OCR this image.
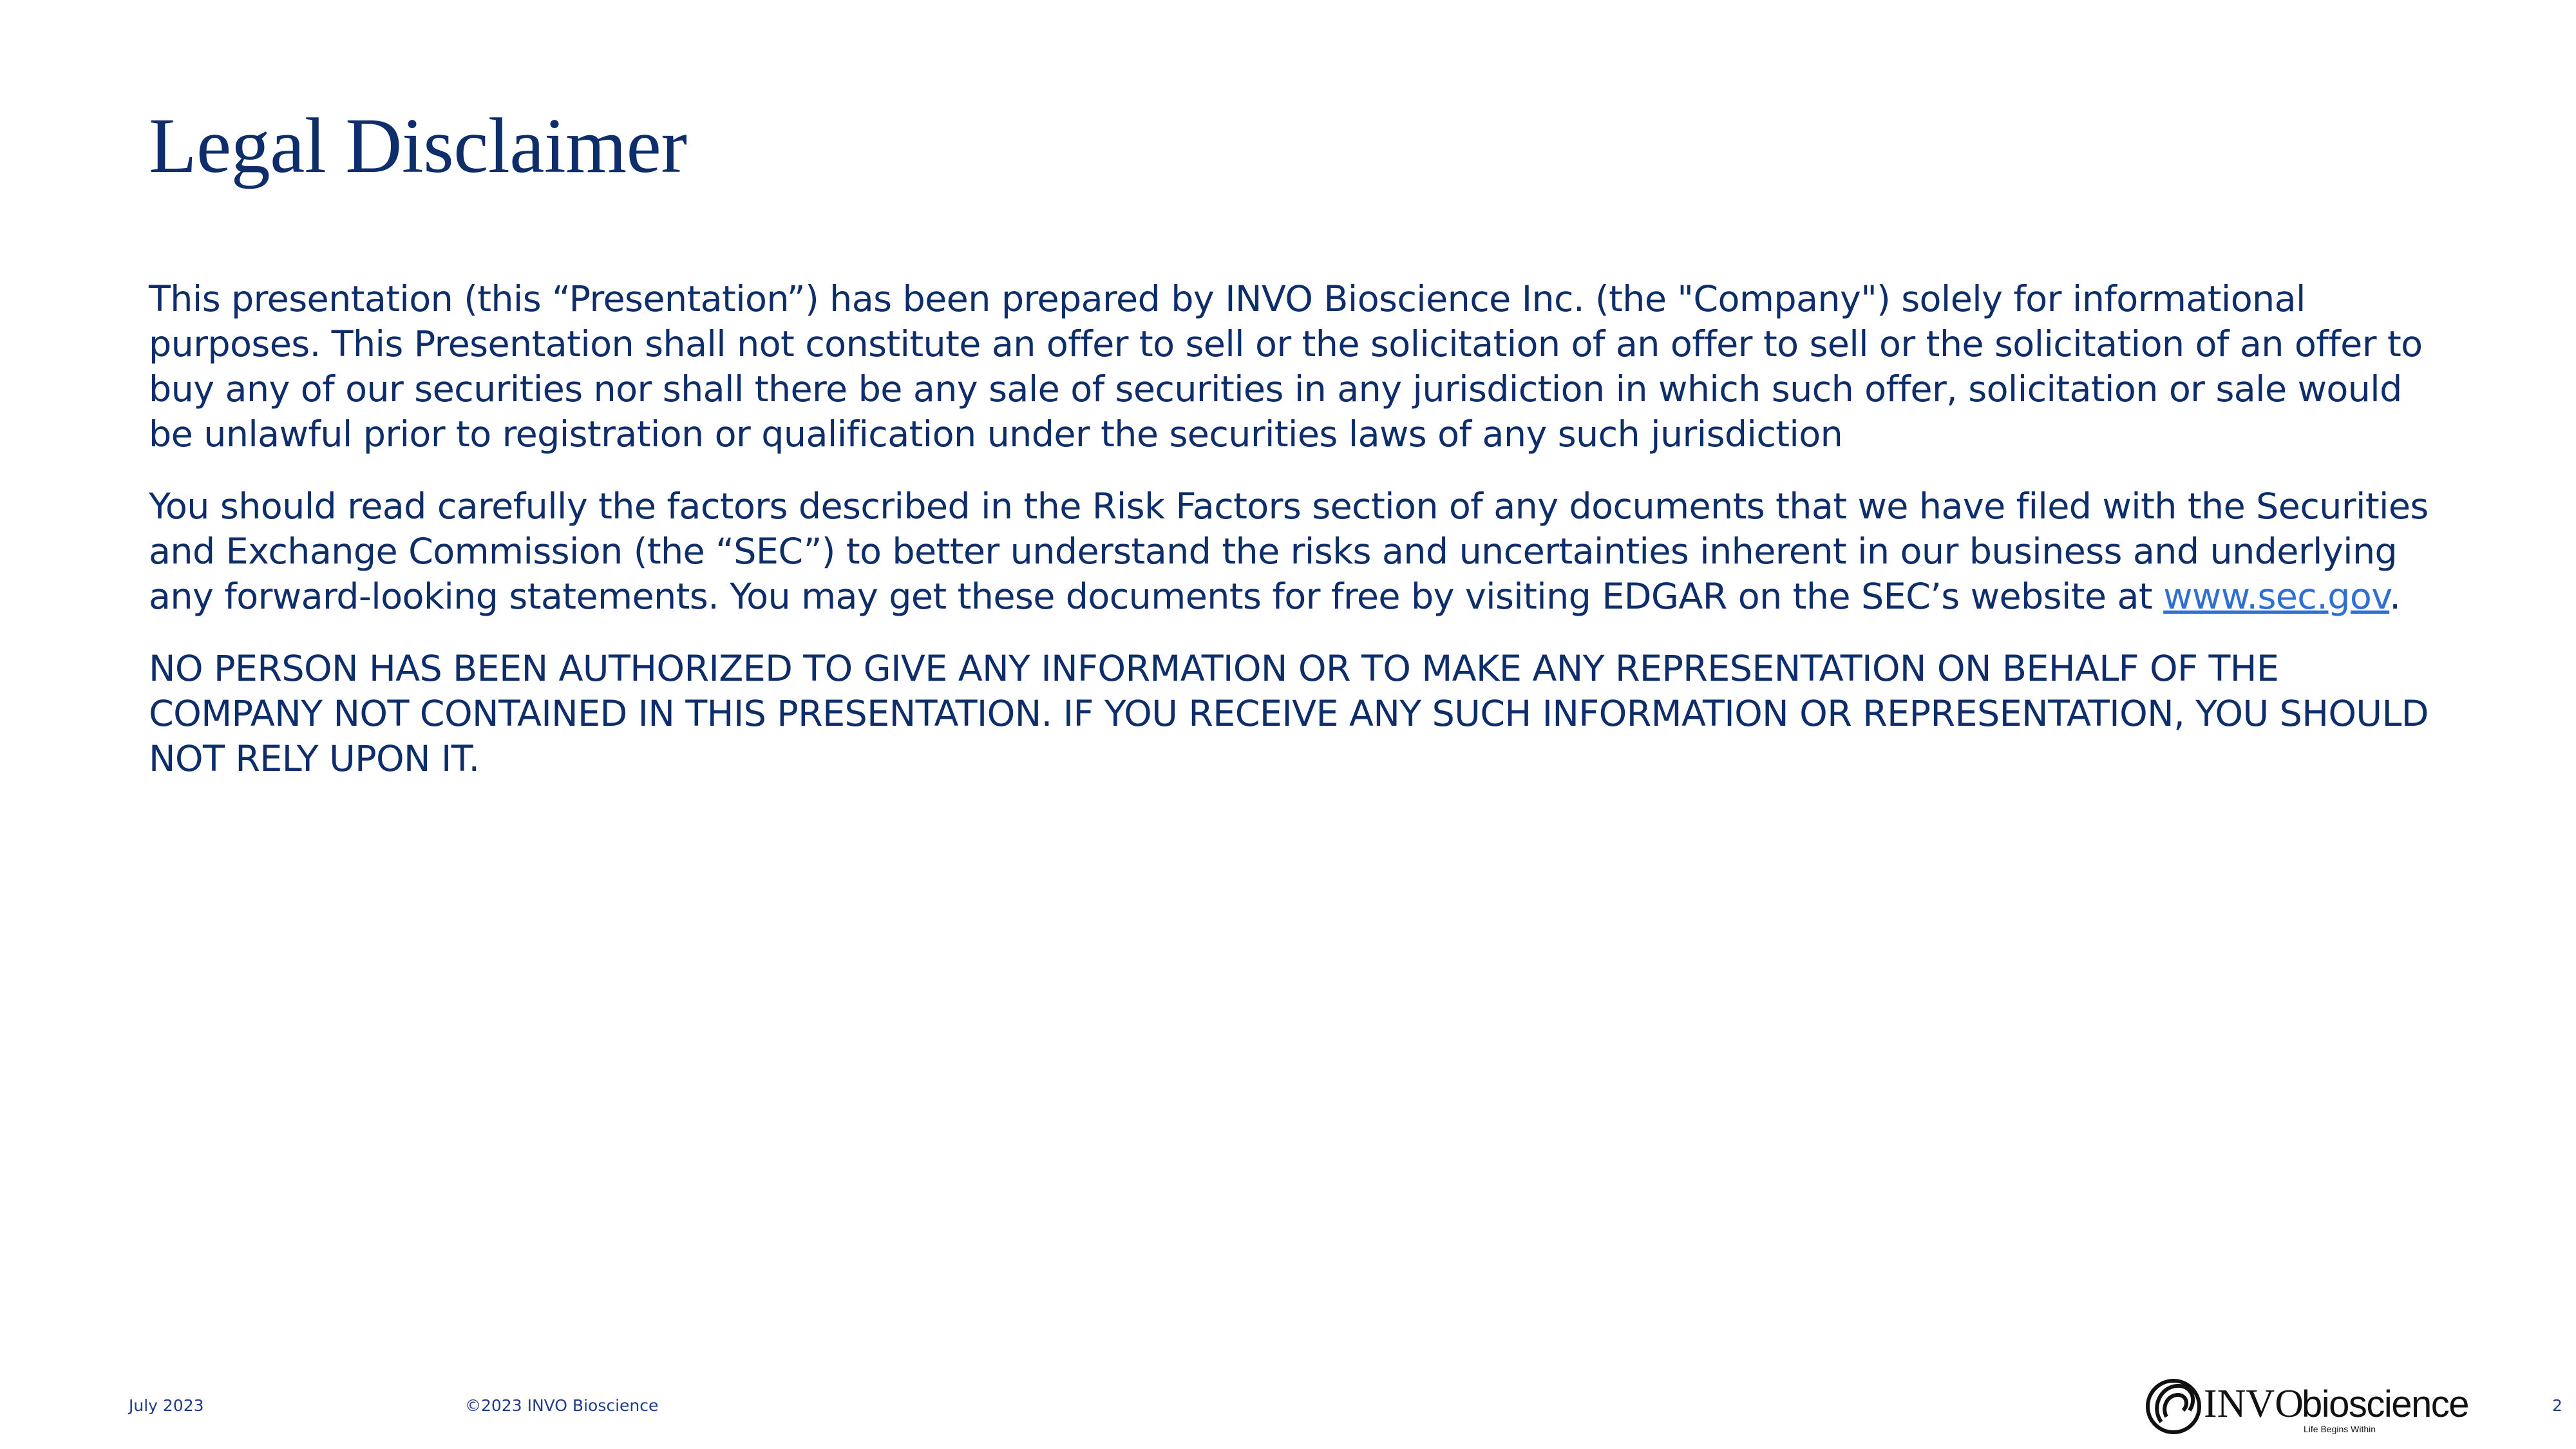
Legal Disclaimer

This presentation (this “Presentation”) has been prepared by INVO Bioscience Inc. (the "Company") solely for informational purposes. This Presentation shall not constitute an offer to sell or the solicitation of an offer to sell or the solicitation of an offer to buy any of our securities nor shall there be any sale of securities in any jurisdiction in which such offer, solicitation or sale would be unlawful prior to registration or qualification under the securities laws of any such jurisdiction

You should read carefully the factors described in the Risk Factors section of any documents that we have filed with the Securities and Exchange Commission (the “SEC”) to better understand the risks and uncertainties inherent in our business and underlying any forward-looking statements. You may get these documents for free by visiting EDGAR on the SEC’s website at www.sec.gov.

NO PERSON HAS BEEN AUTHORIZED TO GIVE ANY INFORMATION OR TO MAKE ANY REPRESENTATION ON BEHALF OF THE COMPANY NOT CONTAINED IN THIS PRESENTATION. IF YOU RECEIVE ANY SUCH INFORMATION OR REPRESENTATION, YOU SHOULD NOT RELY UPON IT.

July 2023	©2023 INVO Bioscience	INVO
bioscience
Life Begins Within
2
